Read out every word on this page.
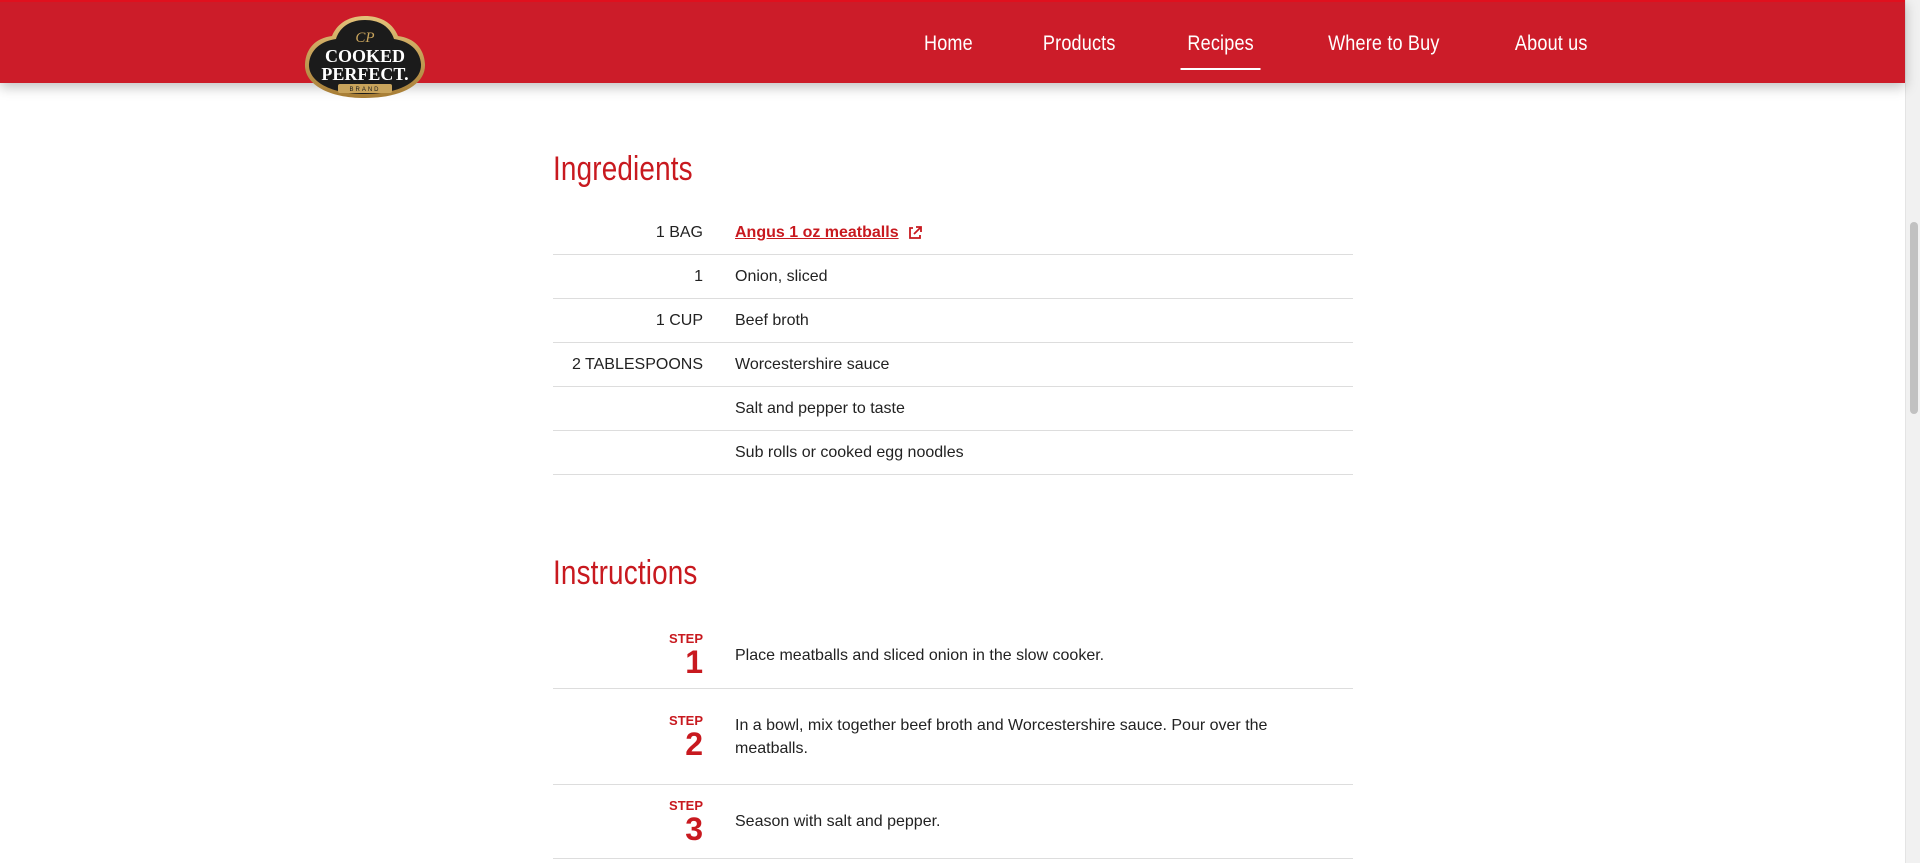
Home	Products	Recipes	Where to Buy	About us
CP
COOKED
PERFECT.
BRAND
Ingredients
1 BAG Angus 1 oz meatballs
1 Onion, sliced
1 CUP Beef broth
2 TABLESPOONS Worcestershire sauce
Salt and pepper to taste
Sub rolls or cooked egg noodles
Instructions
STEP
1 Place meatballs and sliced onion in the slow cooker.
STEP
2
In a bowl, mix together beef broth and Worcestershire sauce. Pour over the meatballs.
STEP
3 Season with salt and pepper.
